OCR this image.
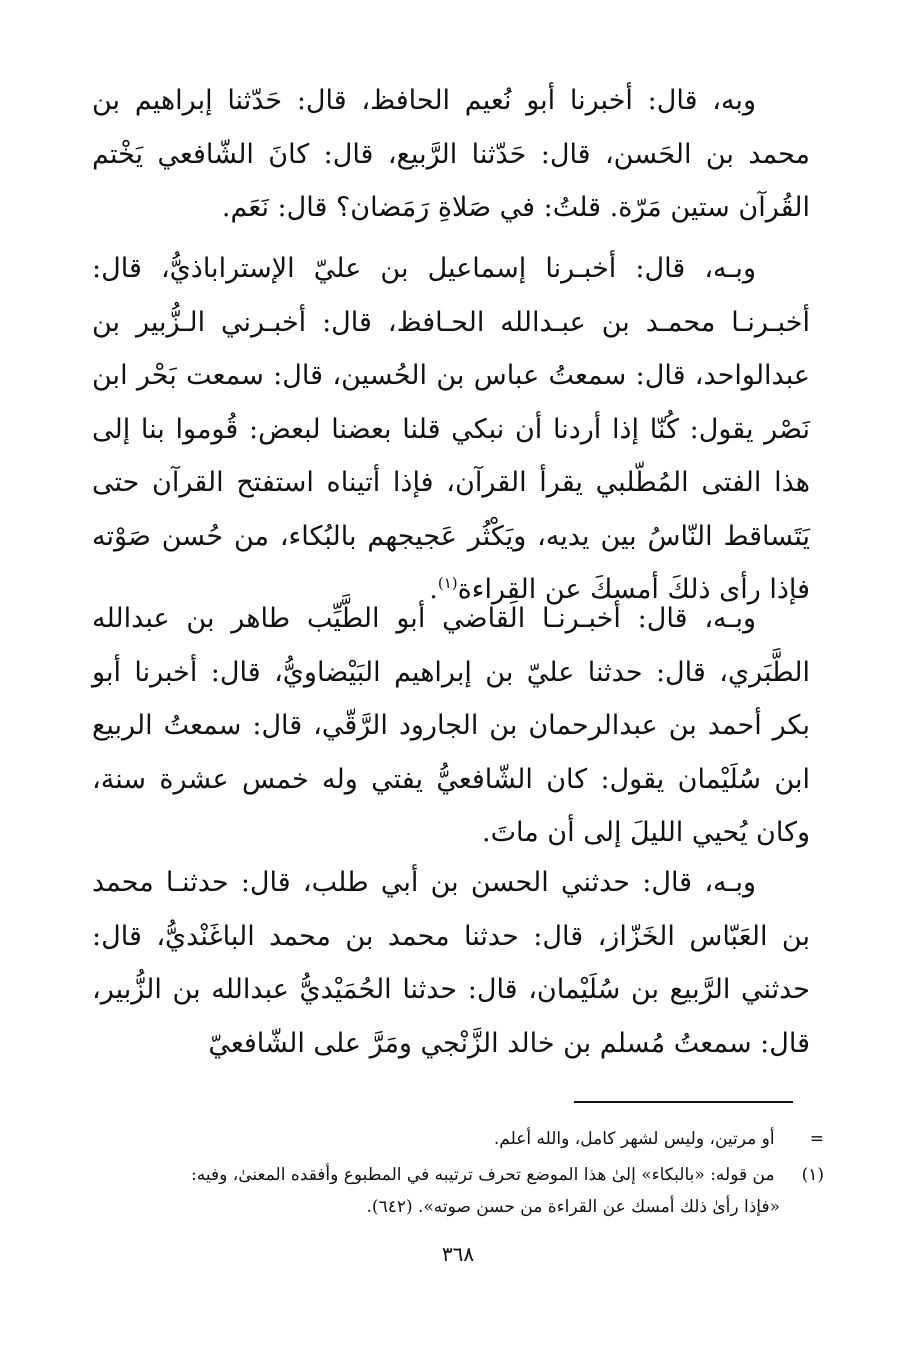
وبه، قال: أخبرنا أبو نُعيم الحافظ، قال: حَدّثنا إبراهيم بن محمد بن الحَسن، قال: حَدّثنا الرَّبيع، قال: كانَ الشّافعي يَخْتم القُرآن ستين مَرّة. قلتُ: في صَلاةِ رَمَضان؟ قال: نَعَم.

وبـه، قال: أخبـرنا إسماعيل بن عليّ الإستراباذيُّ، قال: أخبـرنـا محمـد بن عبـدالله الحـافظ، قال: أخبـرني الـزُّبير بن عبدالواحد، قال: سمعتُ عباس بن الحُسين، قال: سمعت بَحْر ابن نَصْر يقول: كُنّا إذا أردنا أن نبكي قلنا بعضنا لبعض: قُوموا بنا إلى هذا الفتى المُطّلبي يقرأ القرآن، فإذا أتيناه استفتح القرآن حتى يَتَساقط النّاسُ بين يديه، ويَكْثُر عَجيجهم بالبُكاء، من حُسن صَوْته فإذا رأى ذلكَ أمسكَ عن القِراءة$^{(١)}$.

وبـه، قال: أخبـرنـا القاضي أبو الطَّيِّب طاهر بن عبدالله الطَّبَري، قال: حدثنا عليّ بن إبراهيم البَيْضاويُّ، قال: أخبرنا أبو بكر أحمد بن عبدالرحمان بن الجارود الرَّقّي، قال: سمعتُ الربيع ابن سُلَيْمان يقول: كان الشّافعيُّ يفتي وله خمس عشرة سنة، وكان يُحيي الليلَ إلى أن ماتَ.

وبـه، قال: حدثني الحسن بن أبي طلب، قال: حدثنـا محمد بن العَبّاس الخَزّاز، قال: حدثنا محمد بن محمد الباغَنْديُّ، قال: حدثني الرَّبيع بن سُلَيْمان، قال: حدثنا الحُمَيْديُّ عبدالله بن الزُّبير، قال: سمعتُ مُسلم بن خالد الزَّنْجي ومَرَّ على الشّافعيّ

= أو مرتين، وليس لشهر كامل، والله أعلم.

(١) من قوله: «بالبكاء» إلىٰ هذا الموضع تحرف ترتيبه في المطبوع وأفقده المعنىٰ، وفيه:

«فإذا رأىٰ ذلك أمسك عن القراءة من حسن صوته». (٦٤٢).

٣٦٨
